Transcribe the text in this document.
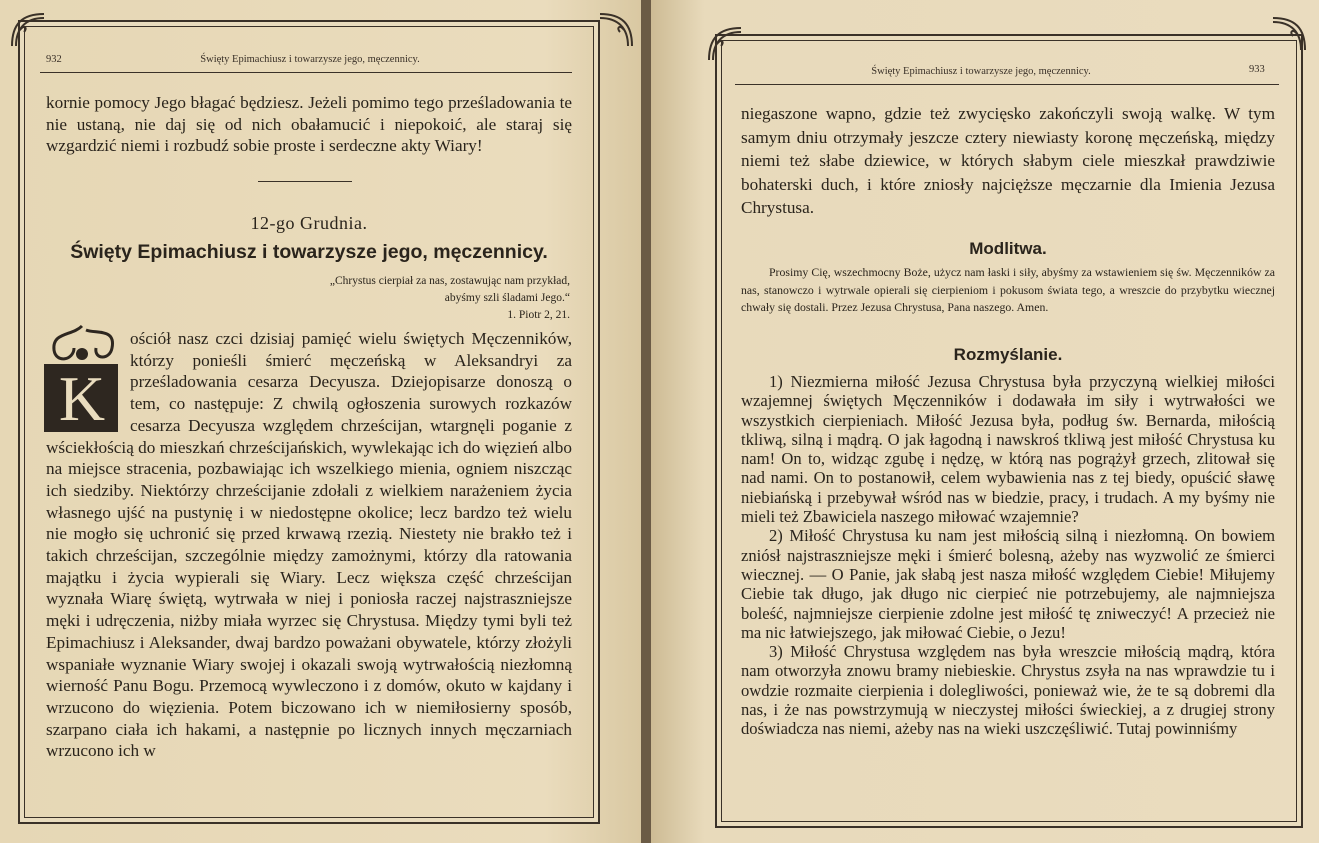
932	Święty Epimachiusz i towarzysze jego, męczennicy.
kornie pomocy Jego błagać będziesz. Jeżeli pomimo tego prześladowania te nie ustaną, nie daj się od nich obałamucić i niepokoić, ale staraj się wzgardzić niemi i rozbudź sobie proste i serdeczne akty Wiary!
12-go Grudnia.
Święty Epimachiusz i towarzysze jego, męczennicy.
„Chrystus cierpiał za nas, zostawując nam przykład, abyśmy szli śladami Jego.“
1. Piotr 2, 21.
K
ościół nasz czci dzisiaj pamięć wielu świętych Męczenników, którzy ponieśli śmierć męczeńską w Aleksandryi za prześladowania cesarza Decyusza. Dziejopisarze donoszą o tem, co następuje: Z chwilą ogłoszenia surowych rozkazów cesarza Decyusza względem chrześcijan, wtargnęli poganie z wściekłością do mieszkań chrześcijańskich, wywlekając ich do więzień albo na miejsce stracenia, pozbawiając ich wszelkiego mienia, ogniem niszcząc ich siedziby. Niektórzy chrześcijanie zdołali z wielkiem narażeniem życia własnego ujść na pustynię i w niedostępne okolice; lecz bardzo też wielu nie mogło się uchronić się przed krwawą rzezią. Niestety nie brakło też i takich chrześcijan, szczególnie między zamożnymi, którzy dla ratowania majątku i życia wypierali się Wiary. Lecz większa część chrześcijan wyznała Wiarę świętą, wytrwała w niej i poniosła raczej najstraszniejsze męki i udręczenia, niżby miała wyrzec się Chrystusa. Między tymi byli też Epimachiusz i Aleksander, dwaj bardzo poważani obywatele, którzy złożyli wspaniałe wyznanie Wiary swojej i okazali swoją wytrwałością niezłomną wierność Panu Bogu. Przemocą wywleczono i z domów, okuto w kajdany i wrzucono do więzienia. Potem biczowano ich w niemiłosierny sposób, szarpano ciała ich hakami, a następnie po licznych innych męczarniach wrzucono ich w
Święty Epimachiusz i towarzysze jego, męczennicy.	933
niegaszone wapno, gdzie też zwycięsko zakończyli swoją walkę. W tym samym dniu otrzymały jeszcze cztery niewiasty koronę męczeńską, między niemi też słabe dziewice, w których słabym ciele mieszkał prawdziwie bohaterski duch, i które zniosły najcięższe męczarnie dla Imienia Jezusa Chrystusa.
Modlitwa.
Prosimy Cię, wszechmocny Boże, użycz nam łaski i siły, abyśmy za wstawieniem się św. Męczenników za nas, stanowczo i wytrwale opierali się cierpieniom i pokusom świata tego, a wreszcie do przybytku wiecznej chwały się dostali. Przez Jezusa Chrystusa, Pana naszego. Amen.
Rozmyślanie.

1) Niezmierna miłość Jezusa Chrystusa była przyczyną wielkiej miłości wzajemnej świętych Męczenników i dodawała im siły i wytrwałości we wszystkich cierpieniach. Miłość Jezusa była, podług św. Bernarda, miłością tkliwą, silną i mądrą. O jak łagodną i nawskroś tkliwą jest miłość Chrystusa ku nam! On to, widząc zgubę i nędzę, w którą nas pogrążył grzech, zlitował się nad nami. On to postanowił, celem wybawienia nas z tej biedy, opuścić sławę niebiańską i przebywał wśród nas w biedzie, pracy, i trudach. A my byśmy nie mieli też Zbawiciela naszego miłować wzajemnie?

2) Miłość Chrystusa ku nam jest miłością silną i niezłomną. On bowiem zniósł najstraszniejsze męki i śmierć bolesną, ażeby nas wyzwolić ze śmierci wiecznej. — O Panie, jak słabą jest nasza miłość względem Ciebie! Miłujemy Ciebie tak długo, jak długo nic cierpieć nie potrzebujemy, ale najmniejsza boleść, najmniejsze cierpienie zdolne jest miłość tę zniweczyć! A przecież nie ma nic łatwiejszego, jak miłować Ciebie, o Jezu!

3) Miłość Chrystusa względem nas była wreszcie miłością mądrą, która nam otworzyła znowu bramy niebieskie. Chrystus zsyła na nas wprawdzie tu i owdzie rozmaite cierpienia i dolegliwości, ponieważ wie, że te są dobremi dla nas, i że nas powstrzymują w nieczystej miłości świeckiej, a z drugiej strony doświadcza nas niemi, ażeby nas na wieki uszczęśliwić. Tutaj powinniśmy
